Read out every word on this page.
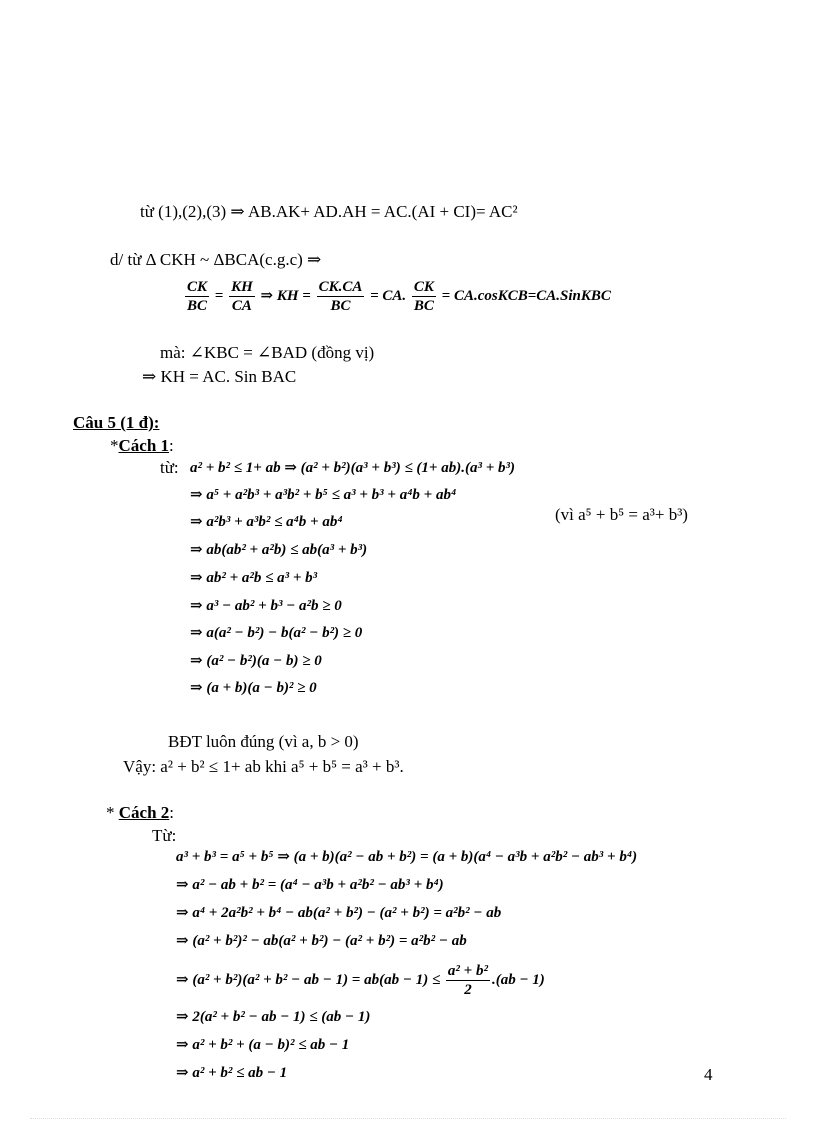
từ (1),(2),(3) ⇒ AB.AK+ AD.AH = AC.(AI + CI)= AC²
d/ từ Δ CKH ~ ΔBCA(c.g.c) ⇒
$\frac{CK}{BC} = \frac{KH}{CA}$ ⇒ KH = $\frac{CK.CA}{BC}$ = CA. $\frac{CK}{BC}$ = CA.cosKCB=CA.SinKBC
mà: ∠KBC = ∠BAD (đồng vị)
⇒ KH = AC. Sin BAC
Câu 5 (1 đ):
*Cách 1:
từ: a² + b² ≤ 1+ ab ⇒ (a² + b²)(a³ + b³) ≤ (1+ ab).(a³ + b³)
⇒ a⁵ + a²b³ + a³b² + b⁵ ≤ a³ + b³ + a⁴b + ab⁴
⇒ a²b³ + a³b² ≤ a⁴b + ab⁴
⇒ ab(ab² + a²b) ≤ ab(a³ + b³)
⇒ ab² + a²b ≤ a³ + b³
⇒ a³ − ab² + b³ − a²b ≥ 0
⇒ a(a² − b²) − b(a² − b²) ≥ 0
⇒ (a² − b²)(a − b) ≥ 0
⇒ (a + b)(a − b)² ≥ 0
(vì a⁵ + b⁵ = a³+ b³)
BĐT luôn đúng (vì a, b > 0)
Vậy: a² + b² ≤ 1+ ab khi a⁵ + b⁵ = a³ + b³.
* Cách 2:
Từ:
a³ + b³ = a⁵ + b⁵ ⇒ (a + b)(a² − ab + b²) = (a + b)(a⁴ − a³b + a²b² − ab³ + b⁴)
⇒ a² − ab + b² = (a⁴ − a³b + a²b² − ab³ + b⁴)
⇒ a⁴ + 2a²b² + b⁴ − ab(a² + b²) − (a² + b²) = a²b² − ab
⇒ (a² + b²)² − ab(a² + b²) − (a² + b²) = a²b² − ab
⇒ (a² + b²)(a² + b² − ab − $1) = ab(ab - 1) \le \frac{\text{a² + b²}}{2} .(ab - 1)$
⇒ 2(a² + b² − ab − 1) ≤ (ab − 1)
⇒ a² + b² + (a − b)² ≤ ab − 1
⇒ a² + b² ≤ ab − 1	4
